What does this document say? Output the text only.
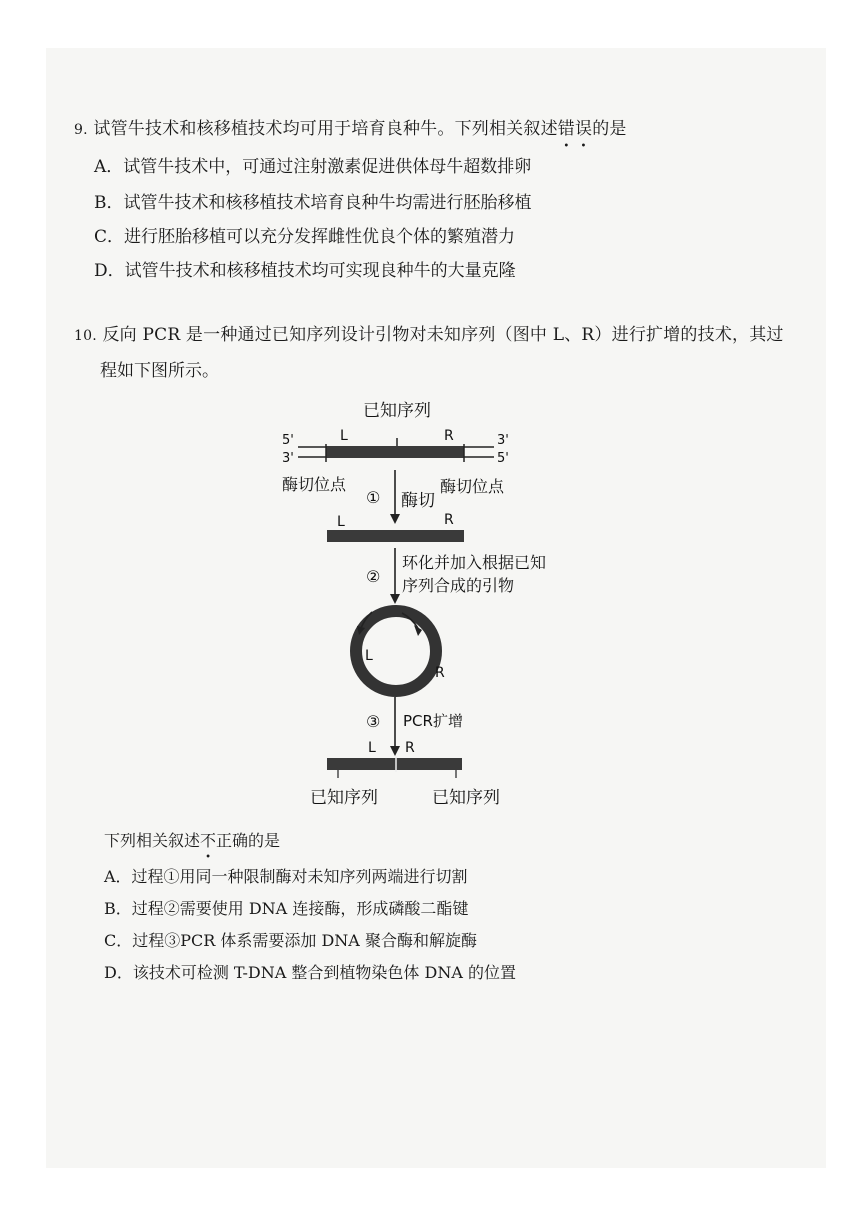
9. 试管牛技术和核移植技术均可用于培育良种牛。下列相关叙述错误的是
A．试管牛技术中，可通过注射激素促进供体母牛超数排卵
B．试管牛技术和核移植技术培育良种牛均需进行胚胎移植
C．进行胚胎移植可以充分发挥雌性优良个体的繁殖潜力
D．试管牛技术和核移植技术均可实现良种牛的大量克隆
10. 反向 PCR 是一种通过已知序列设计引物对未知序列（图中 L、R）进行扩增的技术，其过
程如下图所示。
已知序列
L	R
5'
3'
3'
5'
酶切位点	酶切位点
① 酶切
L	R
②
环化并加入根据已知
序列合成的引物
L
R
③ PCR扩增
L R
已知序列	已知序列
下列相关叙述不正确的是
A．过程①用同一种限制酶对未知序列两端进行切割
B．过程②需要使用 DNA 连接酶，形成磷酸二酯键
C．过程③PCR 体系需要添加 DNA 聚合酶和解旋酶
D．该技术可检测 T-DNA 整合到植物染色体 DNA 的位置
